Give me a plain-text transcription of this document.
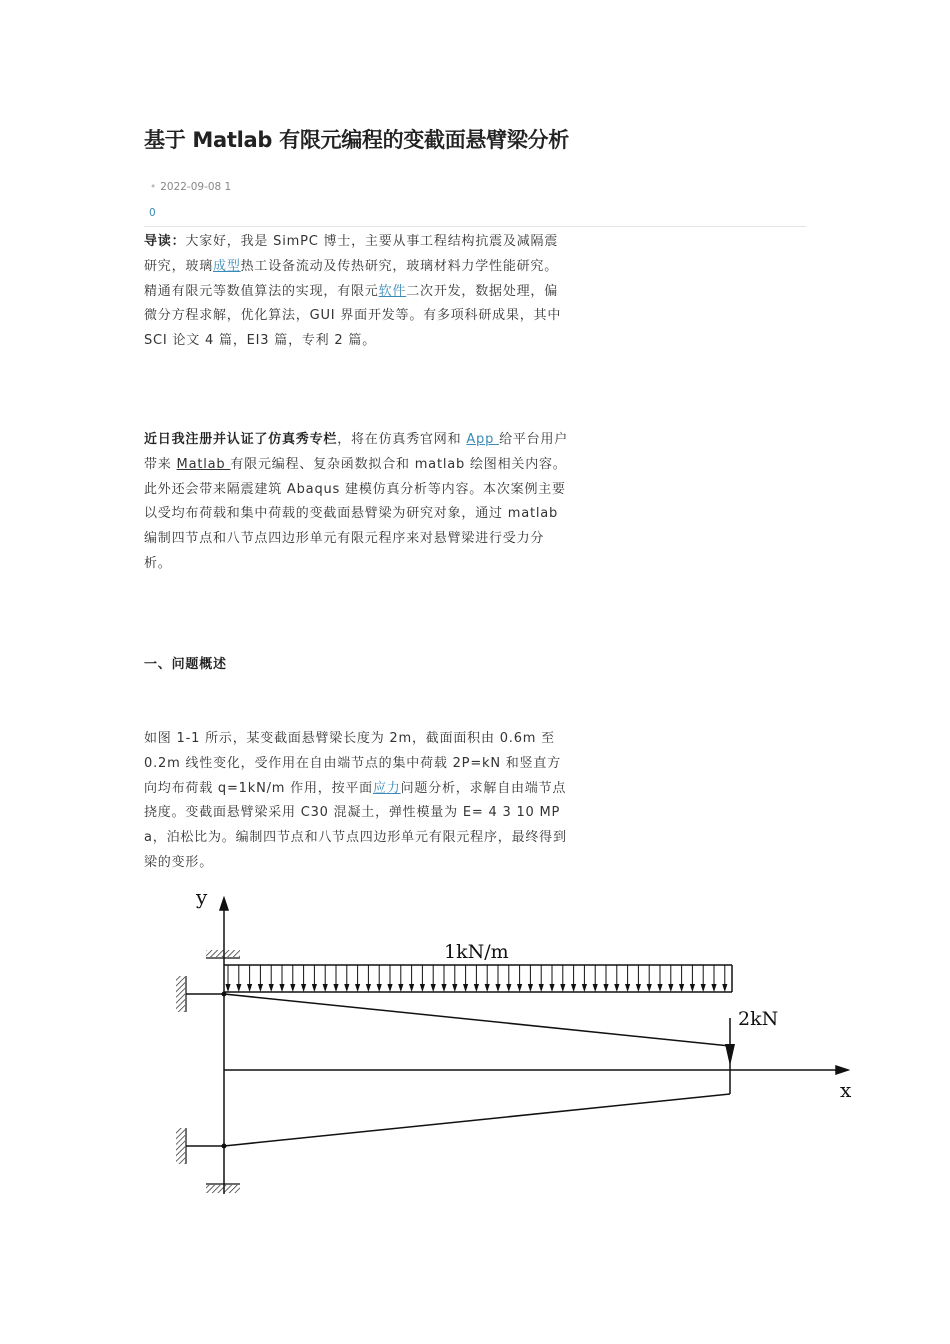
基于 Matlab 有限元编程的变截面悬臂梁分析
• 2022-09-08 1
0

导读：大家好，我是 SimPC 博士，主要从事工程结构抗震及减隔震研究，玻璃成型热工设备流动及传热研究，玻璃材料力学性能研究。精通有限元等数值算法的实现，有限元软件二次开发，数据处理，偏微分方程求解，优化算法，GUI 界面开发等。有多项科研成果，其中 SCI 论文 4 篇，EI3 篇，专利 2 篇。

近日我注册并认证了仿真秀专栏，将在仿真秀官网和 App 给平台用户带来 Matlab 有限元编程、复杂函数拟合和 matlab 绘图相关内容。此外还会带来隔震建筑 Abaqus 建模仿真分析等内容。本次案例主要以受均布荷载和集中荷载的变截面悬臂梁为研究对象，通过 matlab 编制四节点和八节点四边形单元有限元程序来对悬臂梁进行受力分析。

一、问题概述

如图 1-1 所示，某变截面悬臂梁长度为 2m，截面面积由 0.6m 至 0.2m 线性变化，受作用在自由端节点的集中荷载 2P=kN 和竖直方向均布荷载 q=1kN/m 作用，按平面应力问题分析，求解自由端节点挠度。变截面悬臂梁采用 C30 混凝土，弹性模量为 E= 4 3 10 MPa，泊松比为。编制四节点和八节点四边形单元有限元程序，最终得到梁的变形。

y
x
1kN/m
2kN
